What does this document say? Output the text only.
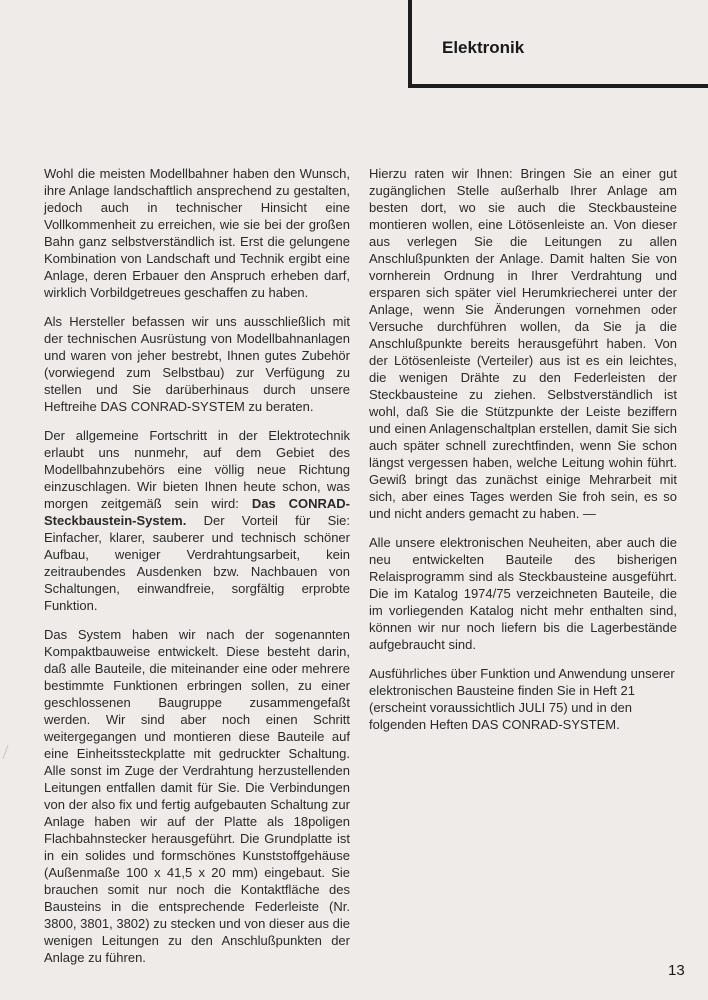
Elektronik

Wohl die meisten Modellbahner haben den Wunsch, ihre Anlage landschaftlich ansprechend zu gestalten, jedoch auch in technischer Hinsicht eine Vollkommenheit zu erreichen, wie sie bei der großen Bahn ganz selbstverständlich ist. Erst die gelungene Kombination von Landschaft und Technik ergibt eine Anlage, deren Erbauer den Anspruch erheben darf, wirklich Vorbildgetreues geschaffen zu haben.

Als Hersteller befassen wir uns ausschließlich mit der technischen Ausrüstung von Modellbahnanlagen und waren von jeher bestrebt, Ihnen gutes Zubehör (vorwiegend zum Selbstbau) zur Verfügung zu stellen und Sie darüberhinaus durch unsere Heftreihe DAS CONRAD-SYSTEM zu beraten.

Der allgemeine Fortschritt in der Elektrotechnik erlaubt uns nunmehr, auf dem Gebiet des Modellbahnzubehörs eine völlig neue Richtung einzuschlagen. Wir bieten Ihnen heute schon, was morgen zeitgemäß sein wird: Das CONRAD-Steckbaustein-System. Der Vorteil für Sie: Einfacher, klarer, sauberer und technisch schöner Aufbau, weniger Verdrahtungsarbeit, kein zeitraubendes Ausdenken bzw. Nachbauen von Schaltungen, einwandfreie, sorgfältig erprobte Funktion.

Das System haben wir nach der sogenannten Kompaktbauweise entwickelt. Diese besteht darin, daß alle Bauteile, die miteinander eine oder mehrere bestimmte Funktionen erbringen sollen, zu einer geschlossenen Baugruppe zusammengefaßt werden. Wir sind aber noch einen Schritt weitergegangen und montieren diese Bauteile auf eine Einheitssteckplatte mit gedruckter Schaltung. Alle sonst im Zuge der Verdrahtung herzustellenden Leitungen entfallen damit für Sie. Die Verbindungen von der also fix und fertig aufgebauten Schaltung zur Anlage haben wir auf der Platte als 18poligen Flachbahnstecker herausgeführt. Die Grundplatte ist in ein solides und formschönes Kunststoffgehäuse (Außenmaße 100 x 41,5 x 20 mm) eingebaut. Sie brauchen somit nur noch die Kontaktfläche des Bausteins in die entsprechende Federleiste (Nr. 3800, 3801, 3802) zu stecken und von dieser aus die wenigen Leitungen zu den Anschlußpunkten der Anlage zu führen.

Hierzu raten wir Ihnen: Bringen Sie an einer gut zugänglichen Stelle außerhalb Ihrer Anlage am besten dort, wo sie auch die Steckbausteine montieren wollen, eine Lötösenleiste an. Von dieser aus verlegen Sie die Leitungen zu allen Anschlußpunkten der Anlage. Damit halten Sie von vornherein Ordnung in Ihrer Verdrahtung und ersparen sich später viel Herumkriecherei unter der Anlage, wenn Sie Änderungen vornehmen oder Versuche durchführen wollen, da Sie ja die Anschlußpunkte bereits herausgeführt haben. Von der Lötösenleiste (Verteiler) aus ist es ein leichtes, die wenigen Drähte zu den Federleisten der Steckbausteine zu ziehen. Selbstverständlich ist wohl, daß Sie die Stützpunkte der Leiste beziffern und einen Anlagenschaltplan erstellen, damit Sie sich auch später schnell zurechtfinden, wenn Sie schon längst vergessen haben, welche Leitung wohin führt. Gewiß bringt das zunächst einige Mehrarbeit mit sich, aber eines Tages werden Sie froh sein, es so und nicht anders gemacht zu haben. —

Alle unsere elektronischen Neuheiten, aber auch die neu entwickelten Bauteile des bisherigen Relaisprogramm sind als Steckbausteine ausgeführt. Die im Katalog 1974/75 verzeichneten Bauteile, die im vorliegenden Katalog nicht mehr enthalten sind, können wir nur noch liefern bis die Lagerbestände aufgebraucht sind.

Ausführliches über Funktion und Anwendung unserer elektronischen Bausteine finden Sie in Heft 21 (erscheint voraussichtlich JULI 75) und in den folgenden Heften DAS CONRAD-SYSTEM.

13
